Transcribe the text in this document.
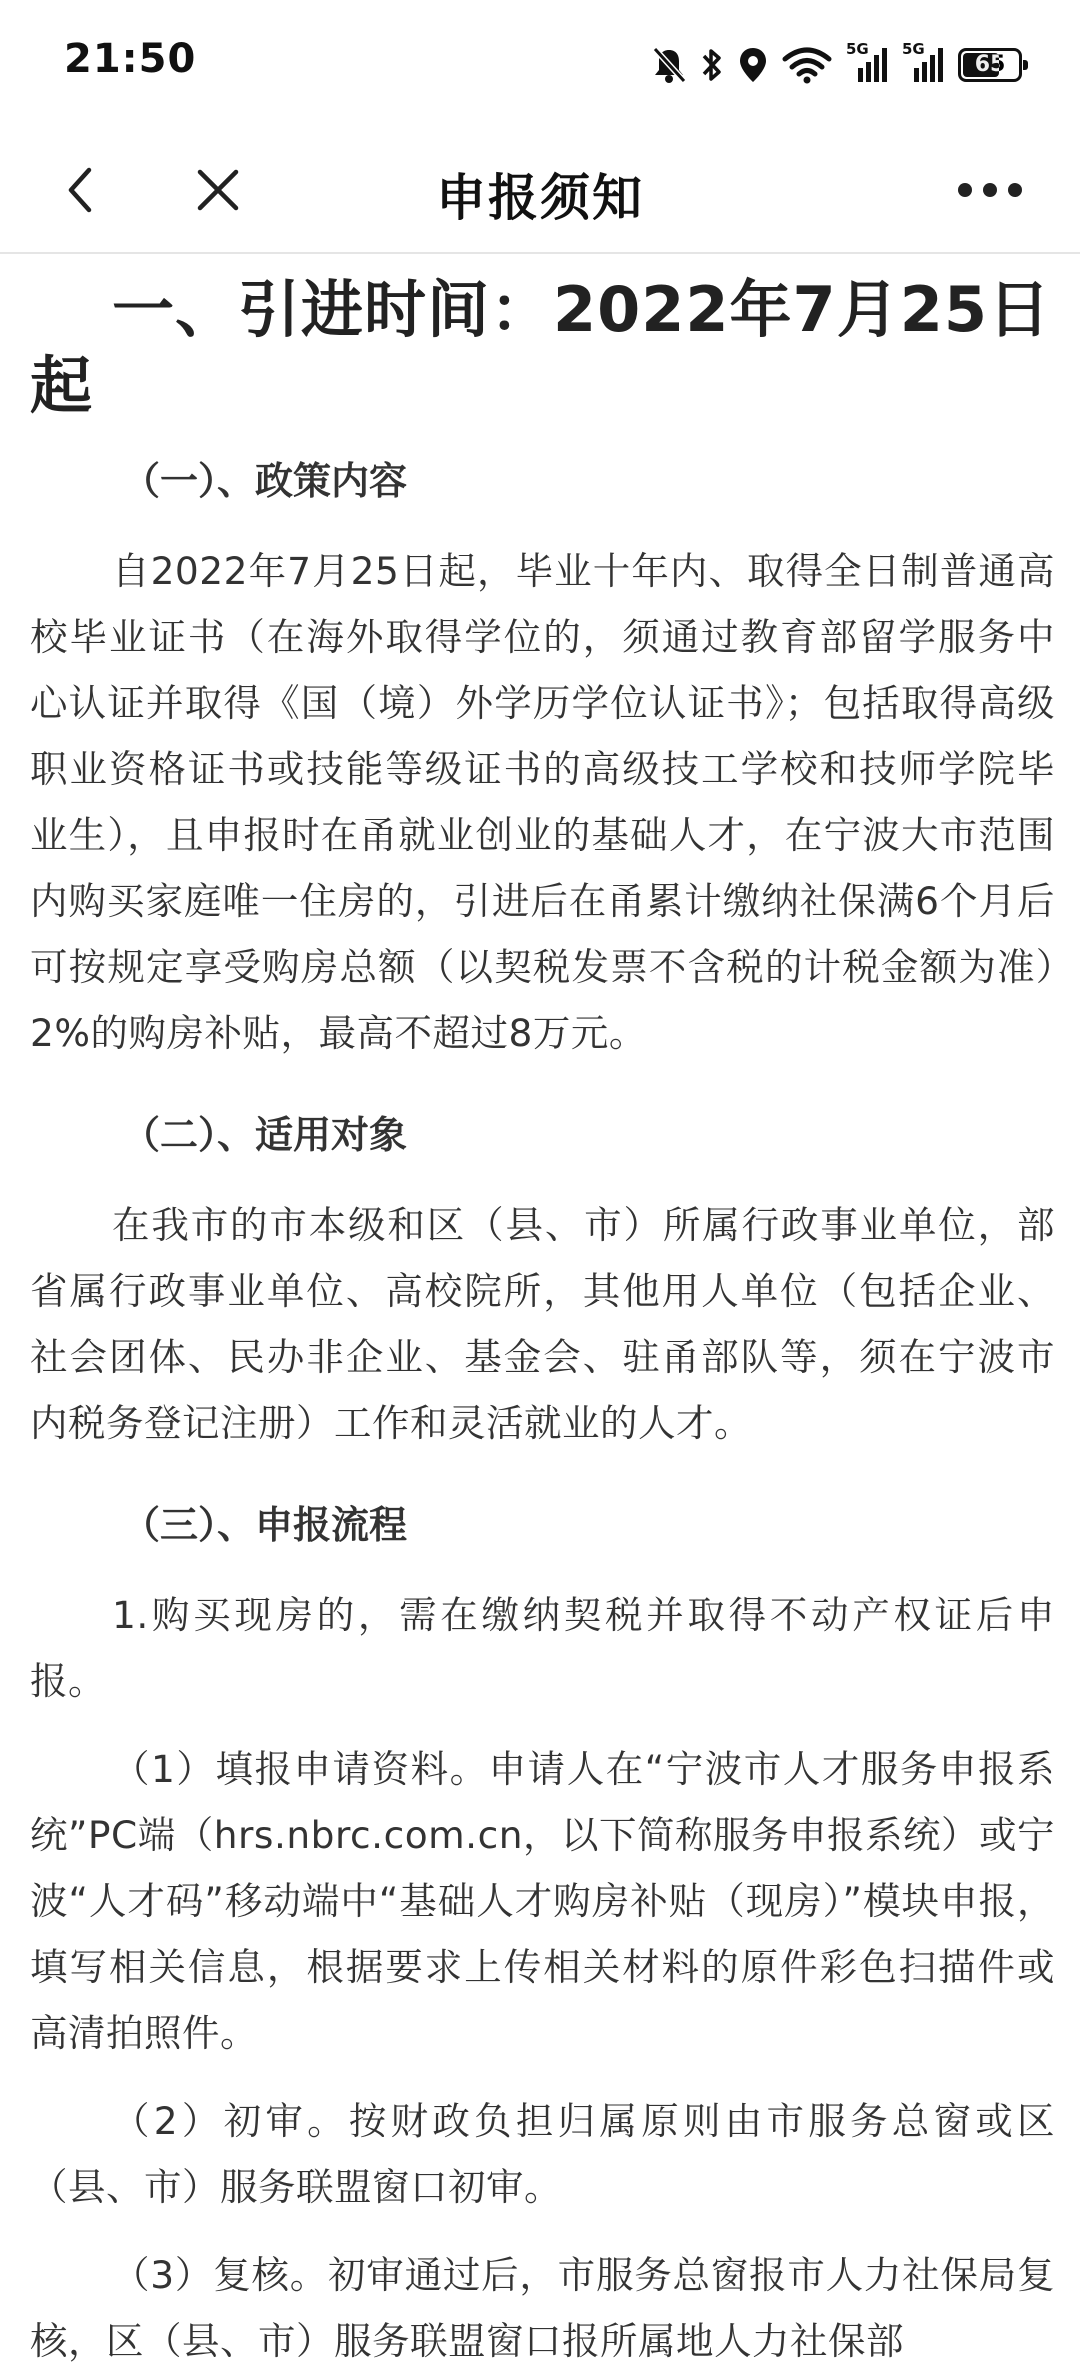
21:50	5G 5G
65
申报须知
一、引进时间：2022年7月25日起
（一）、政策内容

自2022年7月25日起，毕业十年内、取得全日制普通高校毕业证书（在海外取得学位的，须通过教育部留学服务中心认证并取得《国（境）外学历学位认证书》；包括取得高级职业资格证书或技能等级证书的高级技工学校和技师学院毕业生），且申报时在甬就业创业的基础人才，在宁波大市范围内购买家庭唯一住房的，引进后在甬累计缴纳社保满6个月后可按规定享受购房总额（以契税发票不含税的计税金额为准）2%的购房补贴，最高不超过8万元。

（二）、适用对象

在我市的市本级和区（县、市）所属行政事业单位，部省属行政事业单位、高校院所，其他用人单位（包括企业、社会团体、民办非企业、基金会、驻甬部队等，须在宁波市内税务登记注册）工作和灵活就业的人才。

（三）、申报流程

1.购买现房的，需在缴纳契税并取得不动产权证后申报。

（1）填报申请资料。申请人在“宁波市人才服务申报系统”PC端（hrs.nbrc.com.cn，以下简称服务申报系统）或宁波“人才码”移动端中“基础人才购房补贴（现房）”模块申报，填写相关信息，根据要求上传相关材料的原件彩色扫描件或高清拍照件。

（2）初审。按财政负担归属原则由市服务总窗或区（县、市）服务联盟窗口初审。

（3）复核。初审通过后，市服务总窗报市人力社保局复核，区（县、市）服务联盟窗口报所属地人力社保部
